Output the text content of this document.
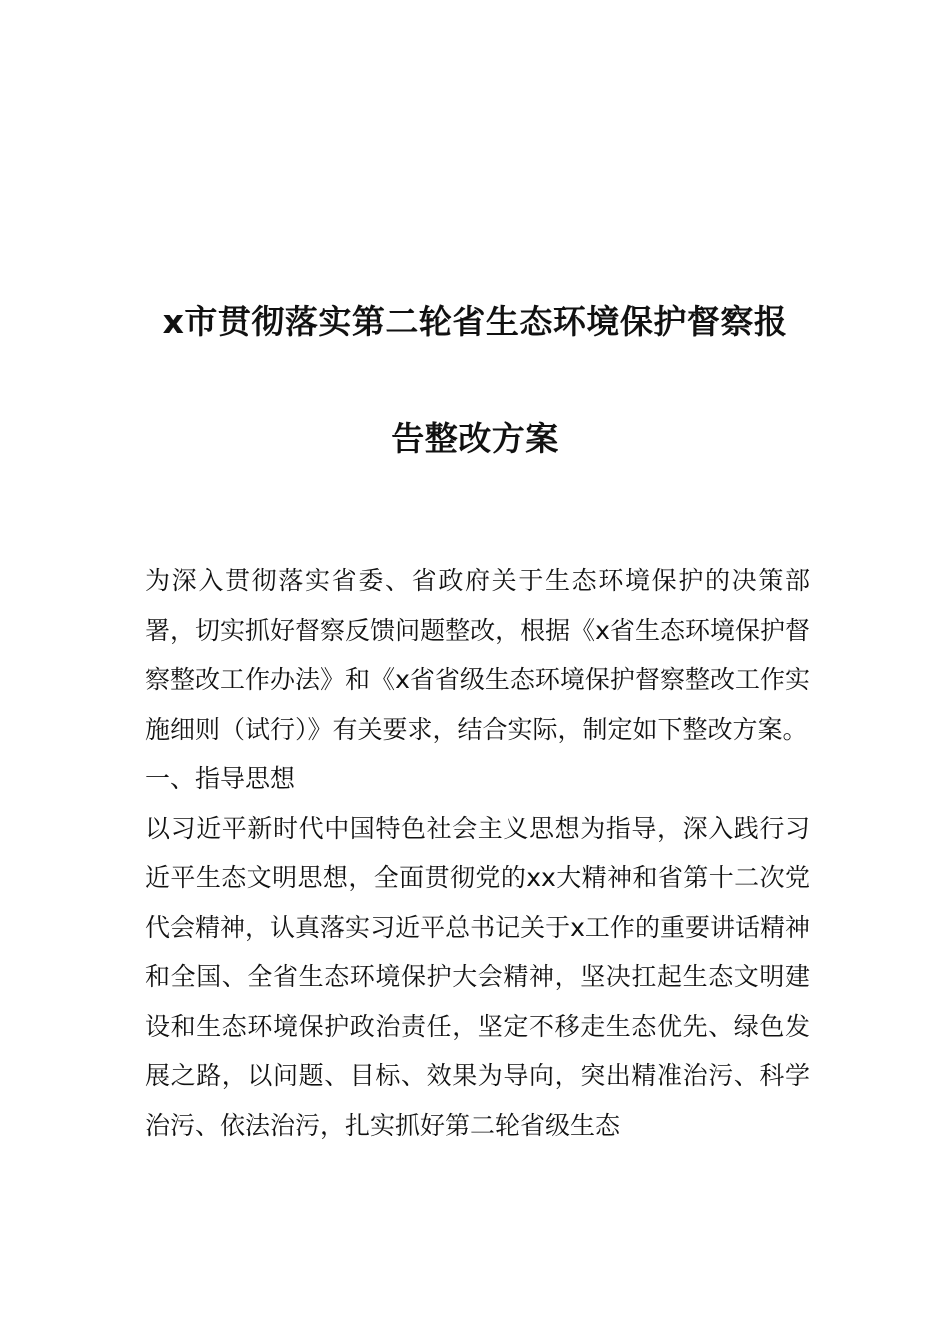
x市贯彻落实第二轮省生态环境保护督察报
告整改方案

为深入贯彻落实省委、省政府关于生态环境保护的决策部署，切实抓好督察反馈问题整改，根据《x省生态环境保护督察整改工作办法》和《x省省级生态环境保护督察整改工作实施细则（试行）》有关要求，结合实际，制定如下整改方案。

一、指导思想

以习近平新时代中国特色社会主义思想为指导，深入践行习近平生态文明思想，全面贯彻党的xx大精神和省第十二次党代会精神，认真落实习近平总书记关于x工作的重要讲话精神和全国、全省生态环境保护大会精神，坚决扛起生态文明建设和生态环境保护政治责任，坚定不移走生态优先、绿色发展之路，以问题、目标、效果为导向，突出精准治污、科学治污、依法治污，扎实抓好第二轮省级生态
